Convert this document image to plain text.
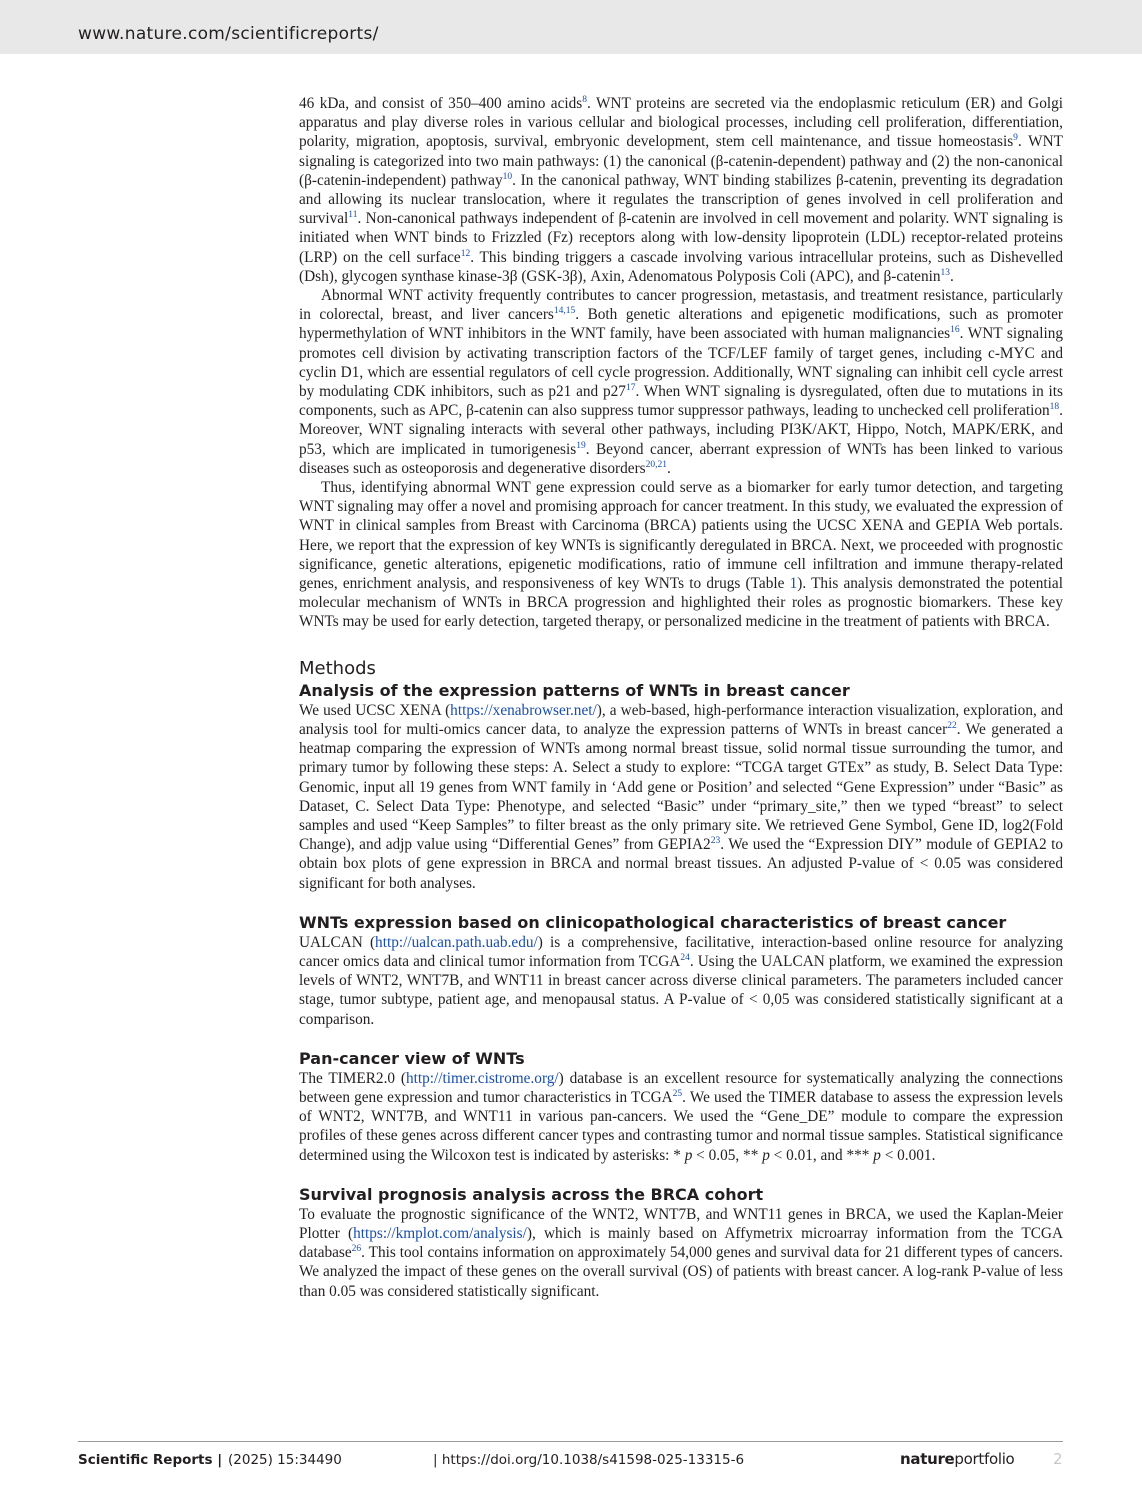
www.nature.com/scientificreports/

46 kDa, and consist of 350–400 amino acids$^8$. WNT proteins are secreted via the endoplasmic reticulum (ER) and Golgi apparatus and play diverse roles in various cellular and biological processes, including cell proliferation, differentiation, polarity, migration, apoptosis, survival, embryonic development, stem cell maintenance, and tissue homeostasis$^9$. WNT signaling is categorized into two main pathways: (1) the canonical (β-catenin-dependent) pathway and (2) the non-canonical (β-catenin-independent) pathway$^{10}$. In the canonical pathway, WNT binding stabilizes β-catenin, preventing its degradation and allowing its nuclear translocation, where it regulates the transcription of genes involved in cell proliferation and survival$^{11}$. Non-canonical pathways independent of β-catenin are involved in cell movement and polarity. WNT signaling is initiated when WNT binds to Frizzled (Fz) receptors along with low-density lipoprotein (LDL) receptor-related proteins (LRP) on the cell surface$^{12}$. This binding triggers a cascade involving various intracellular proteins, such as Dishevelled (Dsh), glycogen synthase kinase-3β (GSK-3β), Axin, Adenomatous Polyposis Coli (APC), and β-catenin$^{13}$.

Abnormal WNT activity frequently contributes to cancer progression, metastasis, and treatment resistance, particularly in colorectal, breast, and liver cancers$^{14,15}$. Both genetic alterations and epigenetic modifications, such as promoter hypermethylation of WNT inhibitors in the WNT family, have been associated with human malignancies$^{16}$. WNT signaling promotes cell division by activating transcription factors of the TCF/LEF family of target genes, including c-MYC and cyclin D1, which are essential regulators of cell cycle progression. Additionally, WNT signaling can inhibit cell cycle arrest by modulating CDK inhibitors, such as p21 and $p27^{17}$. When WNT signaling is dysregulated, often due to mutations in its components, such as APC, β-catenin can also suppress tumor suppressor pathways, leading to unchecked cell proliferation$^{18}$. Moreover, WNT signaling interacts with several other pathways, including PI3K/AKT, Hippo, Notch, MAPK/ERK, and p53, which are implicated in tumorigenesis$^{19}$. Beyond cancer, aberrant expression of WNTs has been linked to various diseases such as osteoporosis and degenerative disorders$^{20,21}$.

Thus, identifying abnormal WNT gene expression could serve as a biomarker for early tumor detection, and targeting WNT signaling may offer a novel and promising approach for cancer treatment. In this study, we evaluated the expression of WNT in clinical samples from Breast with Carcinoma (BRCA) patients using the UCSC XENA and GEPIA Web portals. Here, we report that the expression of key WNTs is significantly deregulated in BRCA. Next, we proceeded with prognostic significance, genetic alterations, epigenetic modifications, ratio of immune cell infiltration and immune therapy-related genes, enrichment analysis, and responsiveness of key WNTs to drugs (Table 1). This analysis demonstrated the potential molecular mechanism of WNTs in BRCA progression and highlighted their roles as prognostic biomarkers. These key WNTs may be used for early detection, targeted therapy, or personalized medicine in the treatment of patients with BRCA.

Methods
Analysis of the expression patterns of WNTs in breast cancer

We used UCSC XENA (https://xenabrowser.net/), a web-based, high-performance interaction visualization, exploration, and analysis tool for multi-omics cancer data, to analyze the expression patterns of WNTs in breast cancer$^{22}$. We generated a heatmap comparing the expression of WNTs among normal breast tissue, solid normal tissue surrounding the tumor, and primary tumor by following these steps: A. Select a study to explore: “TCGA target GTEx” as study, B. Select Data Type: Genomic, input all 19 genes from WNT family in ‘Add gene or Position’ and selected “Gene Expression” under “Basic” as Dataset, C. Select Data Type: Phenotype, and selected “Basic” under “primary_site,” then we typed “breast” to select samples and used “Keep Samples” to filter breast as the only primary site. We retrieved Gene Symbol, Gene ID, log2(Fold Change), and adjp value using “Differential Genes” from $GEPIA2^{23}$. We used the “Expression DIY” module of GEPIA2 to obtain box plots of gene expression in BRCA and normal breast tissues. An adjusted P-value of < 0.05 was considered significant for both analyses.

WNTs expression based on clinicopathological characteristics of breast cancer

UALCAN (http://ualcan.path.uab.edu/) is a comprehensive, facilitative, interaction-based online resource for analyzing cancer omics data and clinical tumor information from TCGA$^{24}$. Using the UALCAN platform, we examined the expression levels of WNT2, WNT7B, and WNT11 in breast cancer across diverse clinical parameters. The parameters included cancer stage, tumor subtype, patient age, and menopausal status. A P-value of < 0,05 was considered statistically significant at a comparison.

Pan-cancer view of WNTs

The TIMER2.0 (http://timer.cistrome.org/) database is an excellent resource for systematically analyzing the connections between gene expression and tumor characteristics in TCGA$^{25}$. We used the TIMER database to assess the expression levels of WNT2, WNT7B, and WNT11 in various pan-cancers. We used the “Gene_DE” module to compare the expression profiles of these genes across different cancer types and contrasting tumor and normal tissue samples. Statistical significance determined using the Wilcoxon test is indicated by asterisks: * p < 0.05, ** p < 0.01, and *** p < 0.001.

Survival prognosis analysis across the BRCA cohort

To evaluate the prognostic significance of the WNT2, WNT7B, and WNT11 genes in BRCA, we used the Kaplan-Meier Plotter (https://kmplot.com/analysis/), which is mainly based on Affymetrix microarray information from the TCGA database$^{26}$. This tool contains information on approximately 54,000 genes and survival data for 21 different types of cancers. We analyzed the impact of these genes on the overall survival (OS) of patients with breast cancer. A log-rank P-value of less than 0.05 was considered statistically significant.

Scientific Reports | (2025) 15:34490	| https://doi.org/10.1038/s41598-025-13315-6	natureportfolio	2
